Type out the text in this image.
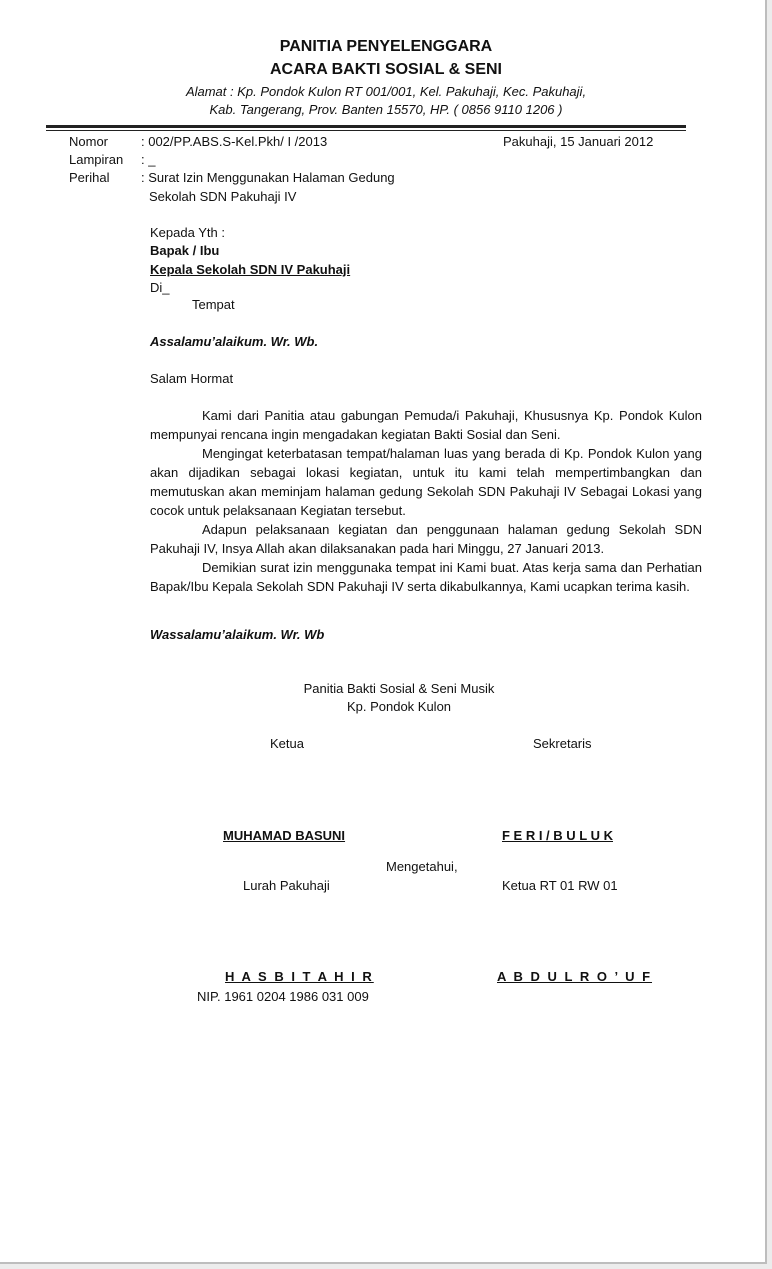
PANITIA PENYELENGGARA
ACARA BAKTI SOSIAL & SENI
Alamat : Kp. Pondok Kulon RT 001/001, Kel. Pakuhaji, Kec. Pakuhaji,
Kab. Tangerang, Prov. Banten 15570, HP. ( 0856 9110 1206 )
Nomor	: 002/PP.ABS.S-Kel.Pkh/ I /2013	Pakuhaji, 15 Januari 2012
Lampiran : _
Perihal : Surat Izin Menggunakan Halaman Gedung
Sekolah SDN Pakuhaji IV
Kepada Yth :
Bapak / Ibu
Kepala Sekolah SDN IV Pakuhaji
Di_
Tempat
Assalamu’alaikum. Wr. Wb.
Salam Hormat

Kami dari Panitia atau gabungan Pemuda/i Pakuhaji, Khususnya Kp. Pondok Kulon mempunyai rencana ingin mengadakan kegiatan Bakti Sosial dan Seni.

Mengingat keterbatasan tempat/halaman luas yang berada di Kp. Pondok Kulon yang akan dijadikan sebagai lokasi kegiatan, untuk itu kami telah mempertimbangkan dan memutuskan akan meminjam halaman gedung Sekolah SDN Pakuhaji IV Sebagai Lokasi yang cocok untuk pelaksanaan Kegiatan tersebut.

Adapun pelaksanaan kegiatan dan penggunaan halaman gedung Sekolah SDN Pakuhaji IV, Insya Allah akan dilaksanakan pada hari Minggu, 27 Januari 2013.

Demikian surat izin menggunaka tempat ini Kami buat. Atas kerja sama dan Perhatian Bapak/Ibu Kepala Sekolah SDN Pakuhaji IV serta dikabulkannya, Kami ucapkan terima kasih.

Wassalamu’alaikum. Wr. Wb
Panitia Bakti Sosial & Seni Musik
Kp. Pondok Kulon
Ketua	Sekretaris
MUHAMAD BASUNI	F E R I / B U L U K
Mengetahui,
Lurah Pakuhaji	Ketua RT 01 RW 01
H A S B I T A H I R	A B D U L R O ’ U F
NIP. 1961 0204 1986 031 009
